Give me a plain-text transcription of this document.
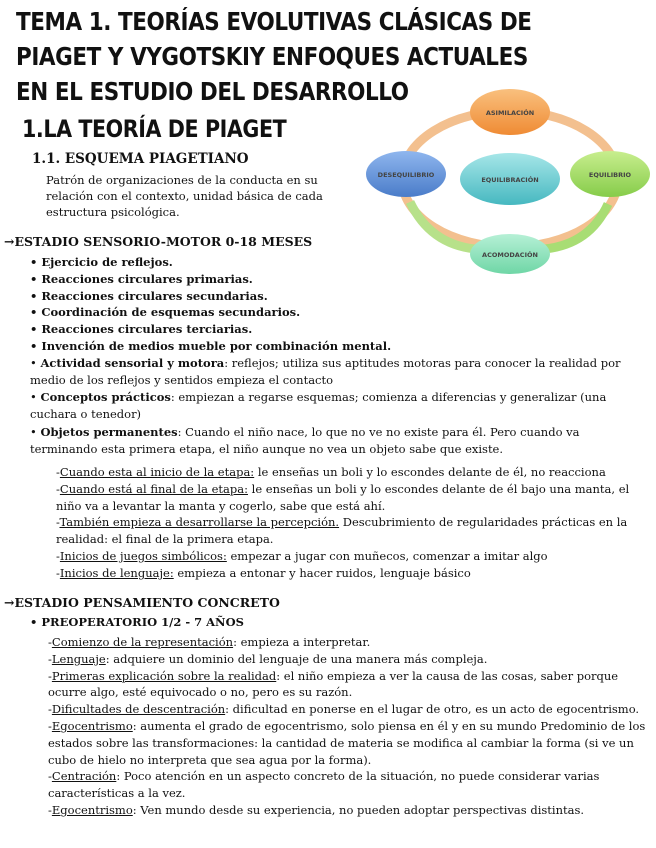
TEMA 1. TEORÍAS EVOLUTIVAS CLÁSICAS DE PIAGET Y VYGOTSKIY ENFOQUES ACTUALES EN EL ESTUDIO DEL DESARROLLO
1.LA TEORÍA DE PIAGET
1.1. ESQUEMA PIAGETIANO
Patrón de organizaciones de la conducta en su relación con el contexto, unidad básica de cada estructura psicológica.
ASIMILACIÓN
DESEQUILIBRIO	EQUILIBRIO
ACOMODACIÓN
EQUILIBRACIÓN
→ESTADIO SENSORIO-MOTOR 0-18 MESES
• Ejercicio de reflejos.
• Reacciones circulares primarias.
• Reacciones circulares secundarias.
• Coordinación de esquemas secundarios.
• Reacciones circulares terciarias.
• Invención de medios mueble por combinación mental.
• Actividad sensorial y motora: reflejos; utiliza sus aptitudes motoras para conocer la realidad por medio de los reflejos y sentidos empieza el contacto
• Conceptos prácticos: empiezan a regarse esquemas; comienza a diferencias y generalizar (una cuchara o tenedor)
• Objetos permanentes: Cuando el niño nace, lo que no ve no existe para él. Pero cuando va terminando esta primera etapa, el niño aunque no vea un objeto sabe que existe.
-Cuando esta al inicio de la etapa: le enseñas un boli y lo escondes delante de él, no reacciona
-Cuando está al final de la etapa: le enseñas un boli y lo escondes delante de él bajo una manta, el niño va a levantar la manta y cogerlo, sabe que está ahí.
-También empieza a desarrollarse la percepción. Descubrimiento de regularidades prácticas en la realidad: el final de la primera etapa.
-Inicios de juegos simbólicos: empezar a jugar con muñecos, comenzar a imitar algo
-Inicios de lenguaje: empieza a entonar y hacer ruidos, lenguaje básico
→ESTADIO PENSAMIENTO CONCRETO
• PREOPERATORIO 1/2 - 7 AÑOS
-Comienzo de la representación: empieza a interpretar.
-Lenguaje: adquiere un dominio del lenguaje de una manera más compleja.
-Primeras explicación sobre la realidad: el niño empieza a ver la causa de las cosas, saber porque ocurre algo, esté equivocado o no, pero es su razón.
-Dificultades de descentración: dificultad en ponerse en el lugar de otro, es un acto de egocentrismo.
-Egocentrismo: aumenta el grado de egocentrismo, solo piensa en él y en su mundo Predominio de los estados sobre las transformaciones: la cantidad de materia se modifica al cambiar la forma (si ve un cubo de hielo no interpreta que sea agua por la forma).
-Centración: Poco atención en un aspecto concreto de la situación, no puede considerar varias características a la vez.
-Egocentrismo: Ven mundo desde su experiencia, no pueden adoptar perspectivas distintas.
